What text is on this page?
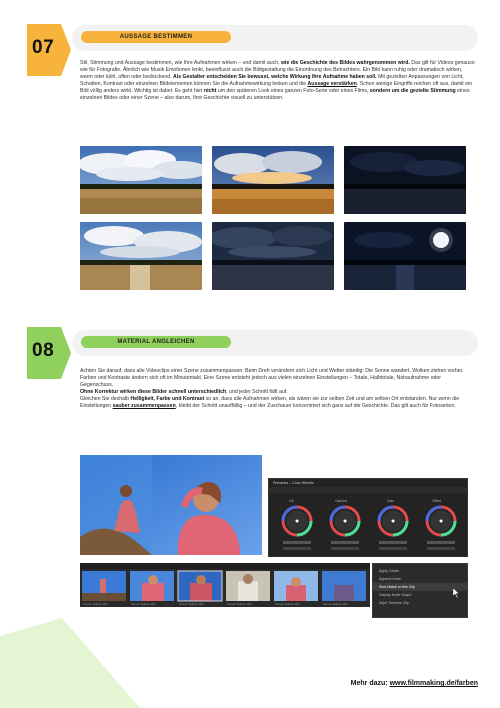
07	AUSSAGE BESTIMMEN

Stil, Stimmung und Aussage bestimmen, wie Ihre Aufnahmen wirken – und damit auch, wie die Geschichte des Bildes wahrgenommen wird. Das gilt für Videos genauso wie für Fotografie. Ähnlich wie Musik Emotionen lenkt, beeinflusst auch die Bildgestaltung die Einordnung des Betrachters. Ein Bild kann ruhig oder dramatisch wirken, warm oder kühl, offen oder bedrückend. Als Gestalter entscheiden Sie bewusst, welche Wirkung Ihre Aufnahme haben soll. Mit gezielten Anpassungen von Licht, Schatten, Kontrast oder einzelnen Bildelementen können Sie die Aufnahmewirkung lenken und die Aussage verstärken. Schon wenige Eingriffe reichen oft aus, damit ein Bild völlig anders wirkt. Wichtig ist dabei: Es geht hier nicht um den späteren Look eines ganzen Foto-Serie oder eines Films, sondern um die gezielte Stimmung eines einzelnen Bildes oder einer Szene – also darum, Ihre Geschichte visuell zu unterstützen.

08	MATERIAL ANGLEICHEN

Achten Sie darauf, dass alle Videoclips einer Szene zusammenpassen. Beim Dreh verändern sich Licht und Wetter ständig: Die Sonne wandert, Wolken ziehen vorbei. Farben und Kontraste ändern sich oft im Minutentakt. Eine Szene entsteht jedoch aus vielen einzelnen Einstellungen – Totale, Halbtotale, Nahaufnahme oder Gegenschuss.

Ohne Korrektur wirken diese Bilder schnell unterschiedlich, und jeder Schnitt fällt auf.

Gleichen Sie deshalb Helligkeit, Farbe und Kontrast so an, dass alle Aufnahmen wirken, als wären sie zur selben Zeit und am selben Ort entstanden. Nur wenn die Einstellungen sauber zusammenpassen, bleibt der Schnitt unauffällig – und der Zuschauer konzentriert sich ganz auf die Geschichte. Das gilt auch für Fotoserien.

Primaries – Color Wheels
Lift	Gamma	Gain	Offset
Screen Selling HQ4	Screen Selling HQ4	Screen Selling HQ4	Screen Selling HQ4	Screen Selling HQ4	Screen Selling HQ4
Apply Grade
Append Node
Shot Match to this Clip
Display Node Graph
Wipe Timeline Clip
Mehr dazu: www.filmmaking.de/farben
